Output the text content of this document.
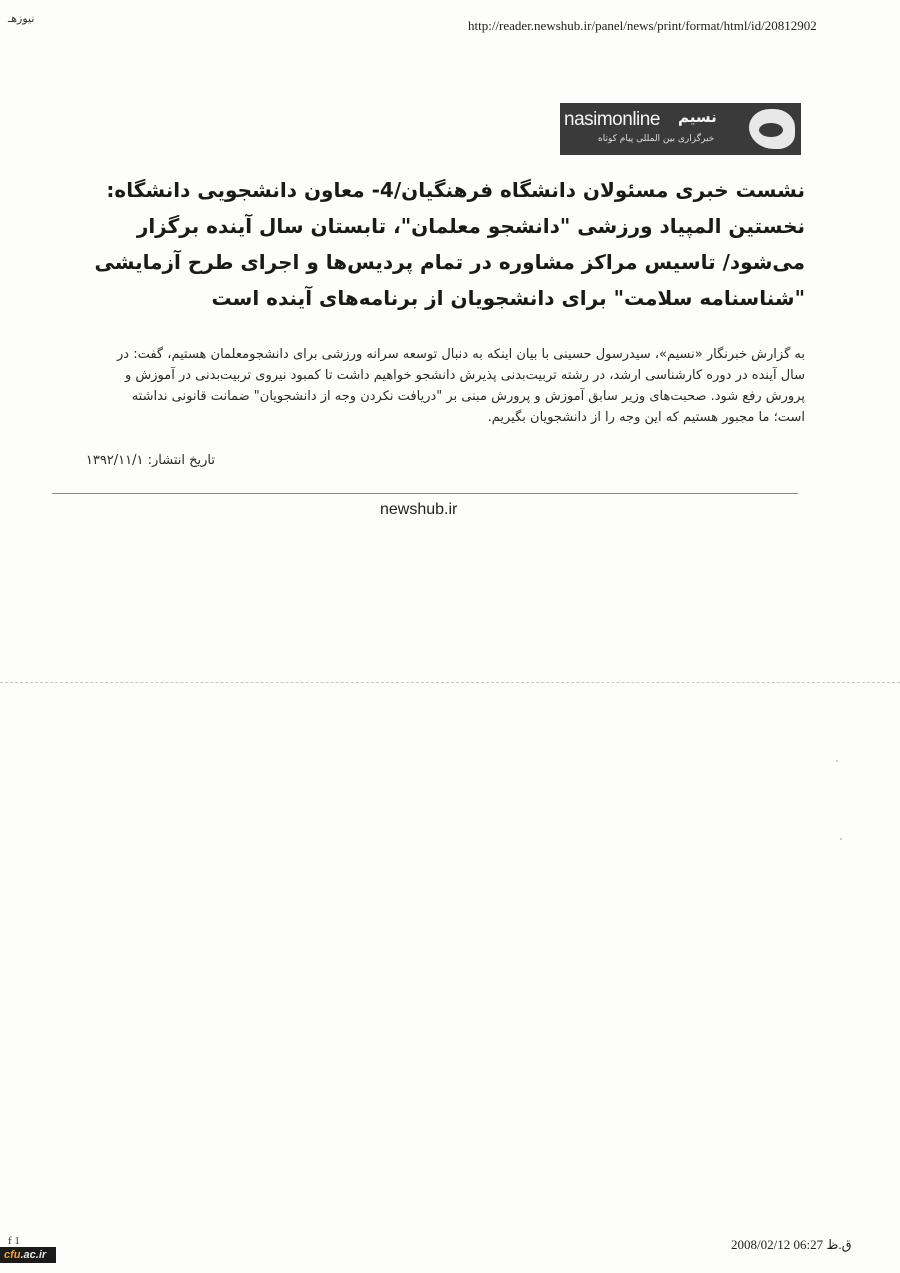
نیوزهـ	http://reader.newshub.ir/panel/news/print/format/html/id/20812902
nasimonline نسیم
خبرگزاری بین المللی پیام کوتاه
نشست خبری مسئولان دانشگاه فرهنگیان/4- معاون دانشجویی دانشگاه: نخستین المپیاد ورزشی "دانشجو معلمان"، تابستان سال آینده برگزار می‌شود/ تاسیس مراکز مشاوره در تمام پردیس‌ها و اجرای طرح آزمایشی "شناسنامه سلامت" برای دانشجویان از برنامه‌های آینده است
به گزارش خبرنگار «نسیم»، سیدرسول حسینی با بیان اینکه به دنبال توسعه سرانه ورزشی برای دانشجومعلمان هستیم، گفت: در سال آینده در دوره کارشناسی ارشد، در رشته تربیت‌بدنی پذیرش دانشجو خواهیم داشت تا کمبود نیروی تربیت‌بدنی در آموزش و پرورش رفع شود. صحبت‌های وزیر سابق آموزش و پرورش مبنی بر "دریافت نکردن وجه از دانشجویان" ضمانت قانونی نداشته است؛ ما مجبور هستیم که این وجه را از دانشجویان بگیریم.
تاریخ انتشار: ۱۳۹۲/۱۱/۱
newshub.ir
f 1
cfu.ac.ir
ق.ظ 06:27 2008/02/12
